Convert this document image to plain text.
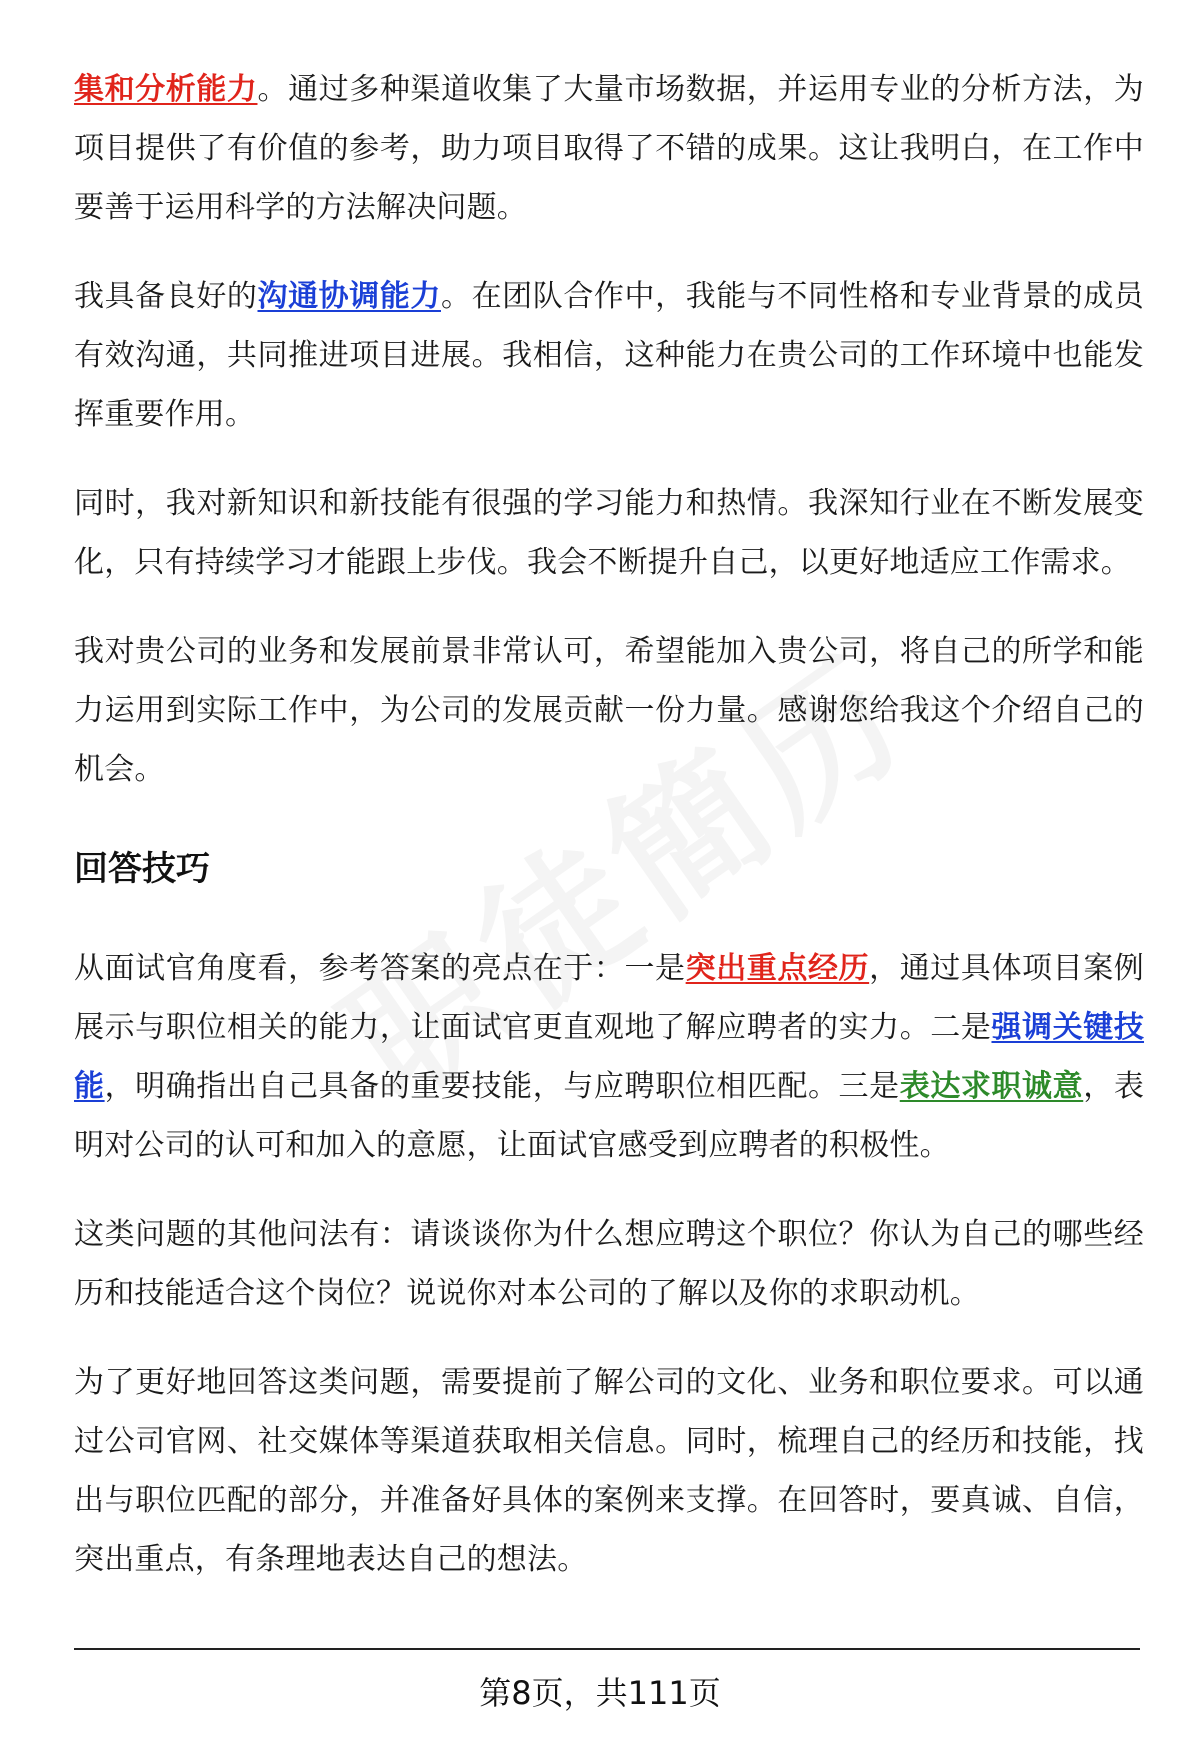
集和分析能力。通过多种渠道收集了大量市场数据，并运用专业的分析方法，为项目提供了有价值的参考，助力项目取得了不错的成果。这让我明白，在工作中要善于运用科学的方法解决问题。

我具备良好的沟通协调能力。在团队合作中，我能与不同性格和专业背景的成员有效沟通，共同推进项目进展。我相信，这种能力在贵公司的工作环境中也能发挥重要作用。

同时，我对新知识和新技能有很强的学习能力和热情。我深知行业在不断发展变化，只有持续学习才能跟上步伐。我会不断提升自己，以更好地适应工作需求。

我对贵公司的业务和发展前景非常认可，希望能加入贵公司，将自己的所学和能力运用到实际工作中，为公司的发展贡献一份力量。感谢您给我这个介绍自己的机会。

回答技巧

从面试官角度看，参考答案的亮点在于：一是突出重点经历，通过具体项目案例展示与职位相关的能力，让面试官更直观地了解应聘者的实力。二是强调关键技能，明确指出自己具备的重要技能，与应聘职位相匹配。三是表达求职诚意，表明对公司的认可和加入的意愿，让面试官感受到应聘者的积极性。

这类问题的其他问法有：请谈谈你为什么想应聘这个职位？你认为自己的哪些经历和技能适合这个岗位？说说你对本公司的了解以及你的求职动机。

为了更好地回答这类问题，需要提前了解公司的文化、业务和职位要求。可以通过公司官网、社交媒体等渠道获取相关信息。同时，梳理自己的经历和技能，找出与职位匹配的部分，并准备好具体的案例来支撑。在回答时，要真诚、自信，突出重点，有条理地表达自己的想法。

第8页，共111页
